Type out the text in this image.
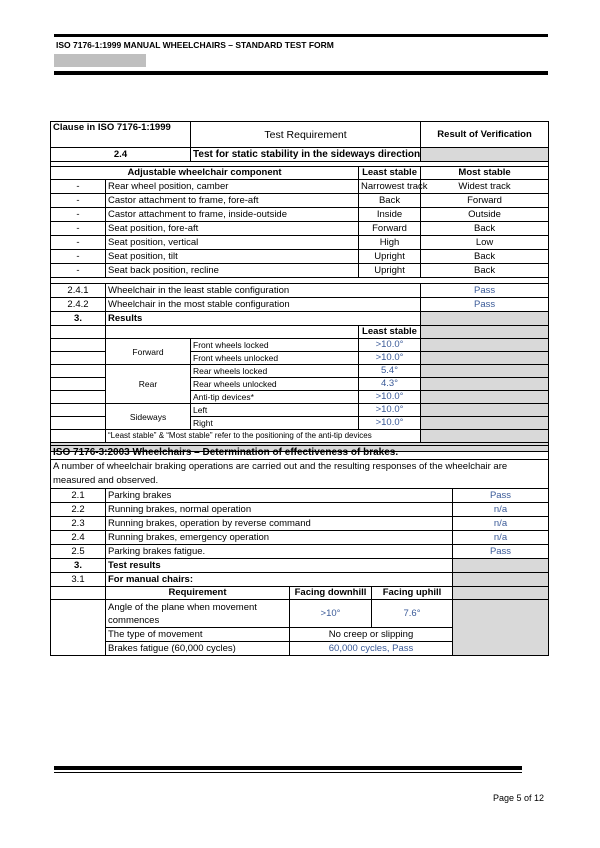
ISO 7176-1:1999 MANUAL WHEELCHAIRS – STANDARD TEST FORM
Clause in ISO 7176-1:1999		Test Requirement		Result of Verification
2.4		Test for static stability in the sideways direction		

Adjustable wheelchair component			Least stable	Most stable
-	Rear wheel position, camber		Narrowest track	Widest track
-	Castor attachment to frame, fore-aft		Back	Forward
-	Castor attachment to frame, inside-outside		Inside	Outside
-	Seat position, fore-aft		Forward	Back
-	Seat position, vertical		High	Low
-	Seat position, tilt		Upright	Back
-	Seat back position, recline		Upright	Back

2.4.1	Wheelchair in the least stable configuration			Pass
2.4.2	Wheelchair in the most stable configuration			Pass
3.	Results			
			Least stable		
	Forward	Front wheels locked	>10.0°		
		Front wheels unlocked	>10.0°		
	Rear	Rear wheels locked	5.4°		
		Rear wheels unlocked	4.3°		
		Anti-tip devices*	>10.0°		
	Sideways	Left	>10.0°		
		Right	>10.0°		
	“Least stable” & “Most stable” refer to the positioning of the anti-tip devices			

ISO 7176-3:2003 Wheelchairs – Determination of effectiveness of brakes.				
A number of wheelchair braking operations are carried out and the resulting responses of the wheelchair are measured and observed.				
2.1	Parking brakes			Pass
2.2	Running brakes, normal operation			n/a
2.3	Running brakes, operation by reverse command			n/a
2.4	Running brakes, emergency operation			n/a
2.5	Parking brakes fatigue.			Pass
3.	Test results			
3.1	For manual chairs:			
	Requirement	Facing downhill	Facing uphill	
	Angle of the plane when movement commences	>10°	7.6°	
	The type of movement	No creep or slipping		
	Brakes fatigue (60,000 cycles)	60,000 cycles, Pass		
Page 5 of 12
